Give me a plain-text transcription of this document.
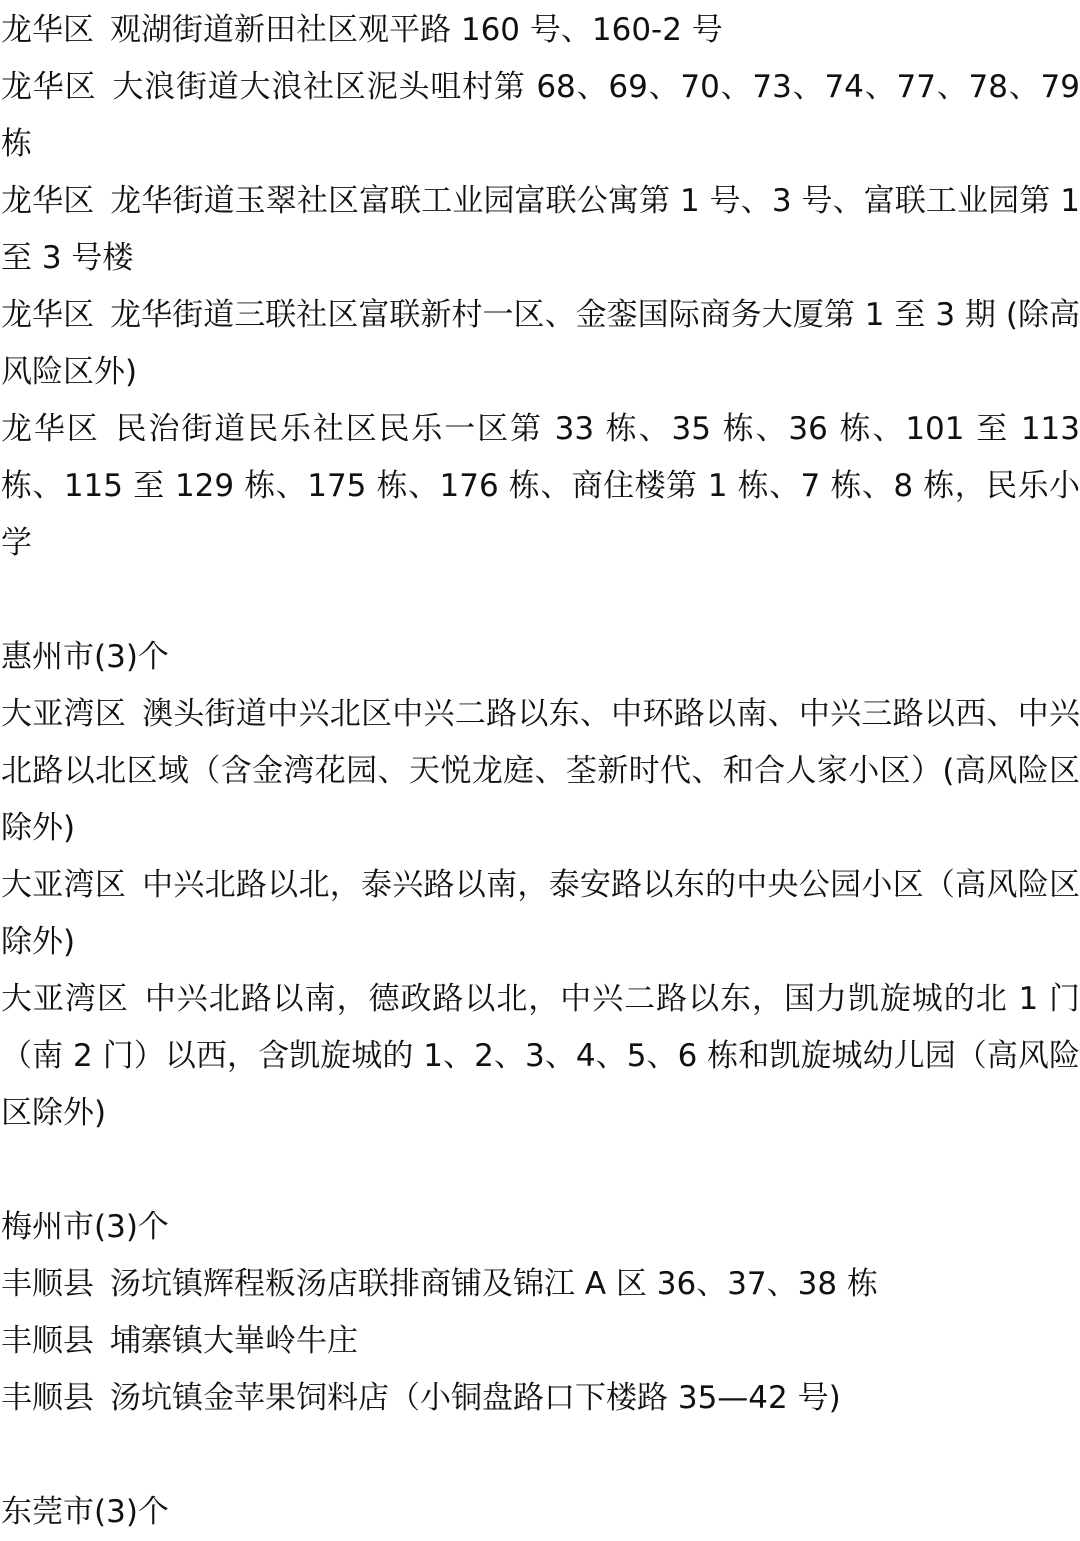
龙华区 观湖街道新田社区观平路 160 号、160-2 号

龙华区 大浪街道大浪社区泥头咀村第 68、69、70、73、74、77、78、79 栋

龙华区 龙华街道玉翠社区富联工业园富联公寓第 1 号、3 号、富联工业园第 1 至 3 号楼

龙华区 龙华街道三联社区富联新村一区、金銮国际商务大厦第 1 至 3 期 (除高风险区外)

龙华区 民治街道民乐社区民乐一区第 33 栋、35 栋、36 栋、101 至 113 栋、115 至 129 栋、175 栋、176 栋、商住楼第 1 栋、7 栋、8 栋，民乐小学

惠州市(3)个

大亚湾区 澳头街道中兴北区中兴二路以东、中环路以南、中兴三路以西、中兴北路以北区域（含金湾花园、天悦龙庭、荃新时代、和合人家小区）(高风险区除外)

大亚湾区 中兴北路以北，泰兴路以南，泰安路以东的中央公园小区（高风险区除外)

大亚湾区 中兴北路以南，德政路以北，中兴二路以东，国力凯旋城的北 1 门（南 2 门）以西，含凯旋城的 1、2、3、4、5、6 栋和凯旋城幼儿园（高风险区除外)

梅州市(3)个

丰顺县 汤坑镇辉程粄汤店联排商铺及锦江 A 区 36、37、38 栋

丰顺县 埔寨镇大崋岭牛庄

丰顺县 汤坑镇金苹果饲料店（小铜盘路口下楼路 35—42 号)

东莞市(3)个
